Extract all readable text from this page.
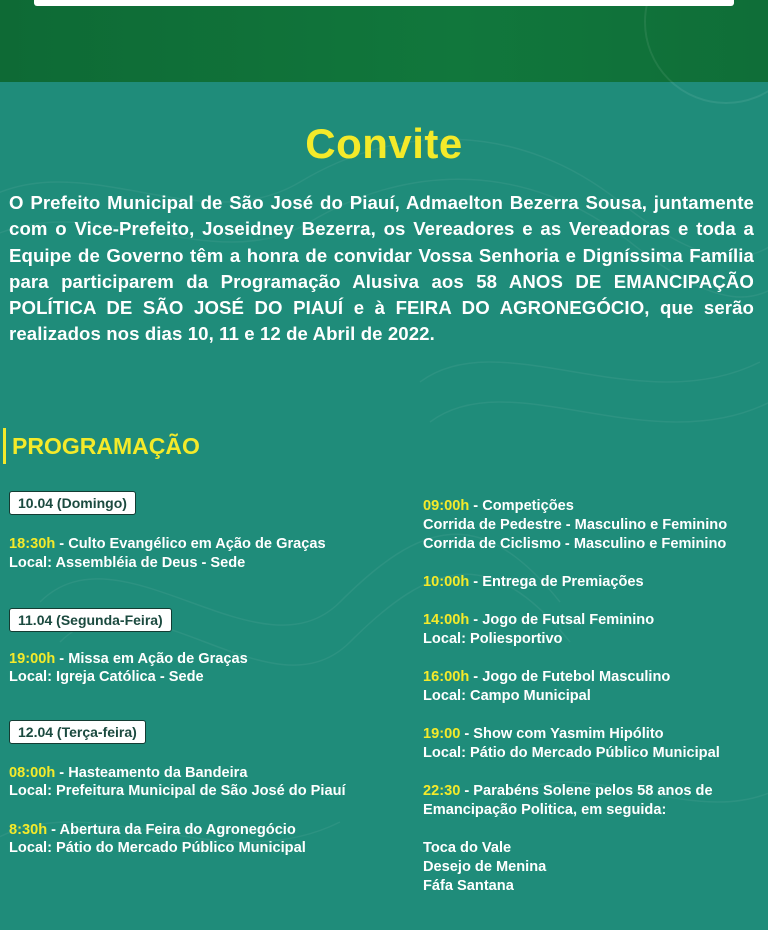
Convite
O Prefeito Municipal de São José do Piauí, Admaelton Bezerra Sousa, juntamente com o Vice-Prefeito, Joseidney Bezerra, os Vereadores e as Vereadoras e toda a Equipe de Governo têm a honra de convidar Vossa Senhoria e Digníssima Família para participarem da Programação Alusiva aos 58 ANOS DE EMANCIPAÇÃO POLÍTICA DE SÃO JOSÉ DO PIAUÍ e à FEIRA DO AGRONEGÓCIO, que serão realizados nos dias 10, 11 e 12 de Abril de 2022.
PROGRAMAÇÃO
10.04 (Domingo)
18:30h - Culto Evangélico em Ação de Graças
Local: Assembléia de Deus - Sede
11.04 (Segunda-Feira)
19:00h - Missa em Ação de Graças
Local: Igreja Católica - Sede
12.04 (Terça-feira)
08:00h - Hasteamento da Bandeira
Local: Prefeitura Municipal de São José do Piauí
8:30h - Abertura da Feira do Agronegócio
Local: Pátio do Mercado Público Municipal
09:00h - Competições
Corrida de Pedestre - Masculino e Feminino
Corrida de Ciclismo - Masculino e Feminino
10:00h - Entrega de Premiações
14:00h - Jogo de Futsal Feminino
Local: Poliesportivo
16:00h - Jogo de Futebol Masculino
Local: Campo Municipal
19:00 - Show com Yasmim Hipólito
Local: Pátio do Mercado Público Municipal
22:30 - Parabéns Solene pelos 58 anos de
Emancipação Politica, em seguida:
Toca do Vale
Desejo de Menina
Fáfa Santana
